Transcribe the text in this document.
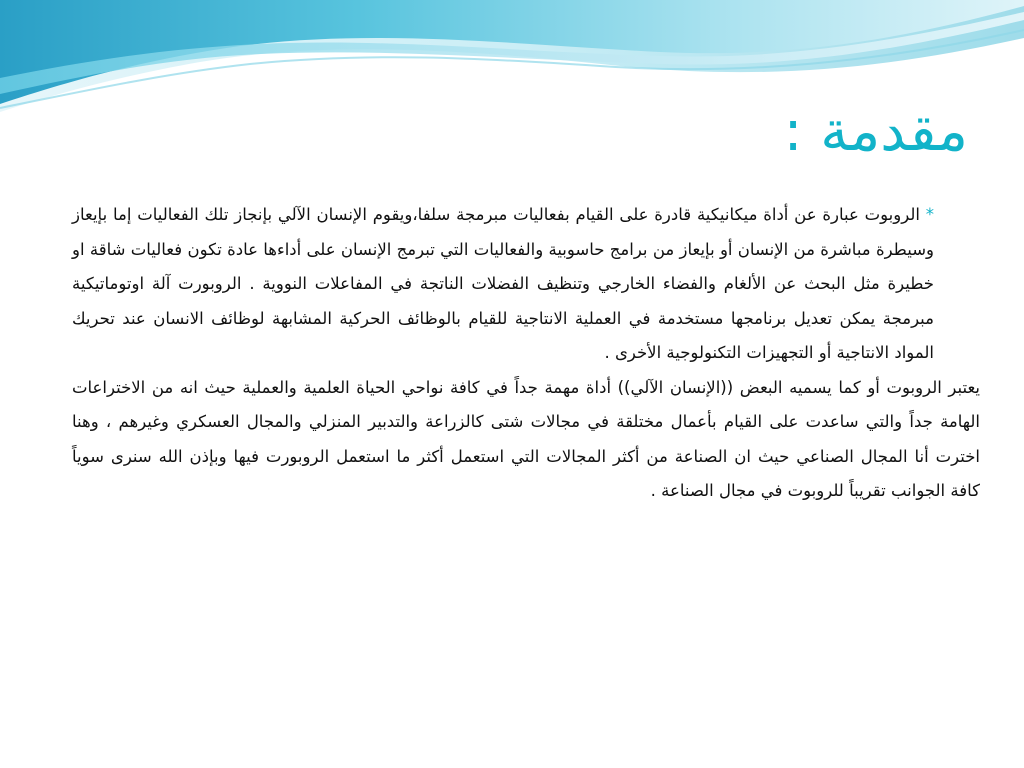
مقدمة :

* الروبوت عبارة عن أداة ميكانيكية قادرة على القيام بفعاليات مبرمجة سلفا،ويقوم الإنسان الآلي بإنجاز تلك الفعاليات إما بإيعاز وسيطرة مباشرة من الإنسان أو بإيعاز من برامج حاسوبية والفعاليات التي تبرمج الإنسان على أداءها عادة تكون فعاليات شاقة او خطيرة مثل البحث عن الألغام والفضاء الخارجي وتنظيف الفضلات الناتجة في المفاعلات النووية . الروبورت آلة اوتوماتيكية مبرمجة يمكن تعديل برنامجها مستخدمة في العملية الانتاجية للقيام بالوظائف الحركية المشابهة لوظائف الانسان عند تحريك المواد الانتاجية أو التجهيزات التكنولوجية الأخرى .

يعتبر الروبوت أو كما يسميه البعض ((الإنسان الآلي)) أداة مهمة جداً في كافة نواحي الحياة العلمية والعملية حيث انه من الاختراعات الهامة جداً والتي ساعدت على القيام بأعمال مختلقة في مجالات شتى كالزراعة والتدبير المنزلي والمجال العسكري وغيرهم ، وهنا اخترت أنا المجال الصناعي حيث ان الصناعة من أكثر المجالات التي استعمل أكثر ما استعمل الروبورت فيها وبإذن الله سنرى سوياً كافة الجوانب تقريباً للروبوت في مجال الصناعة .
